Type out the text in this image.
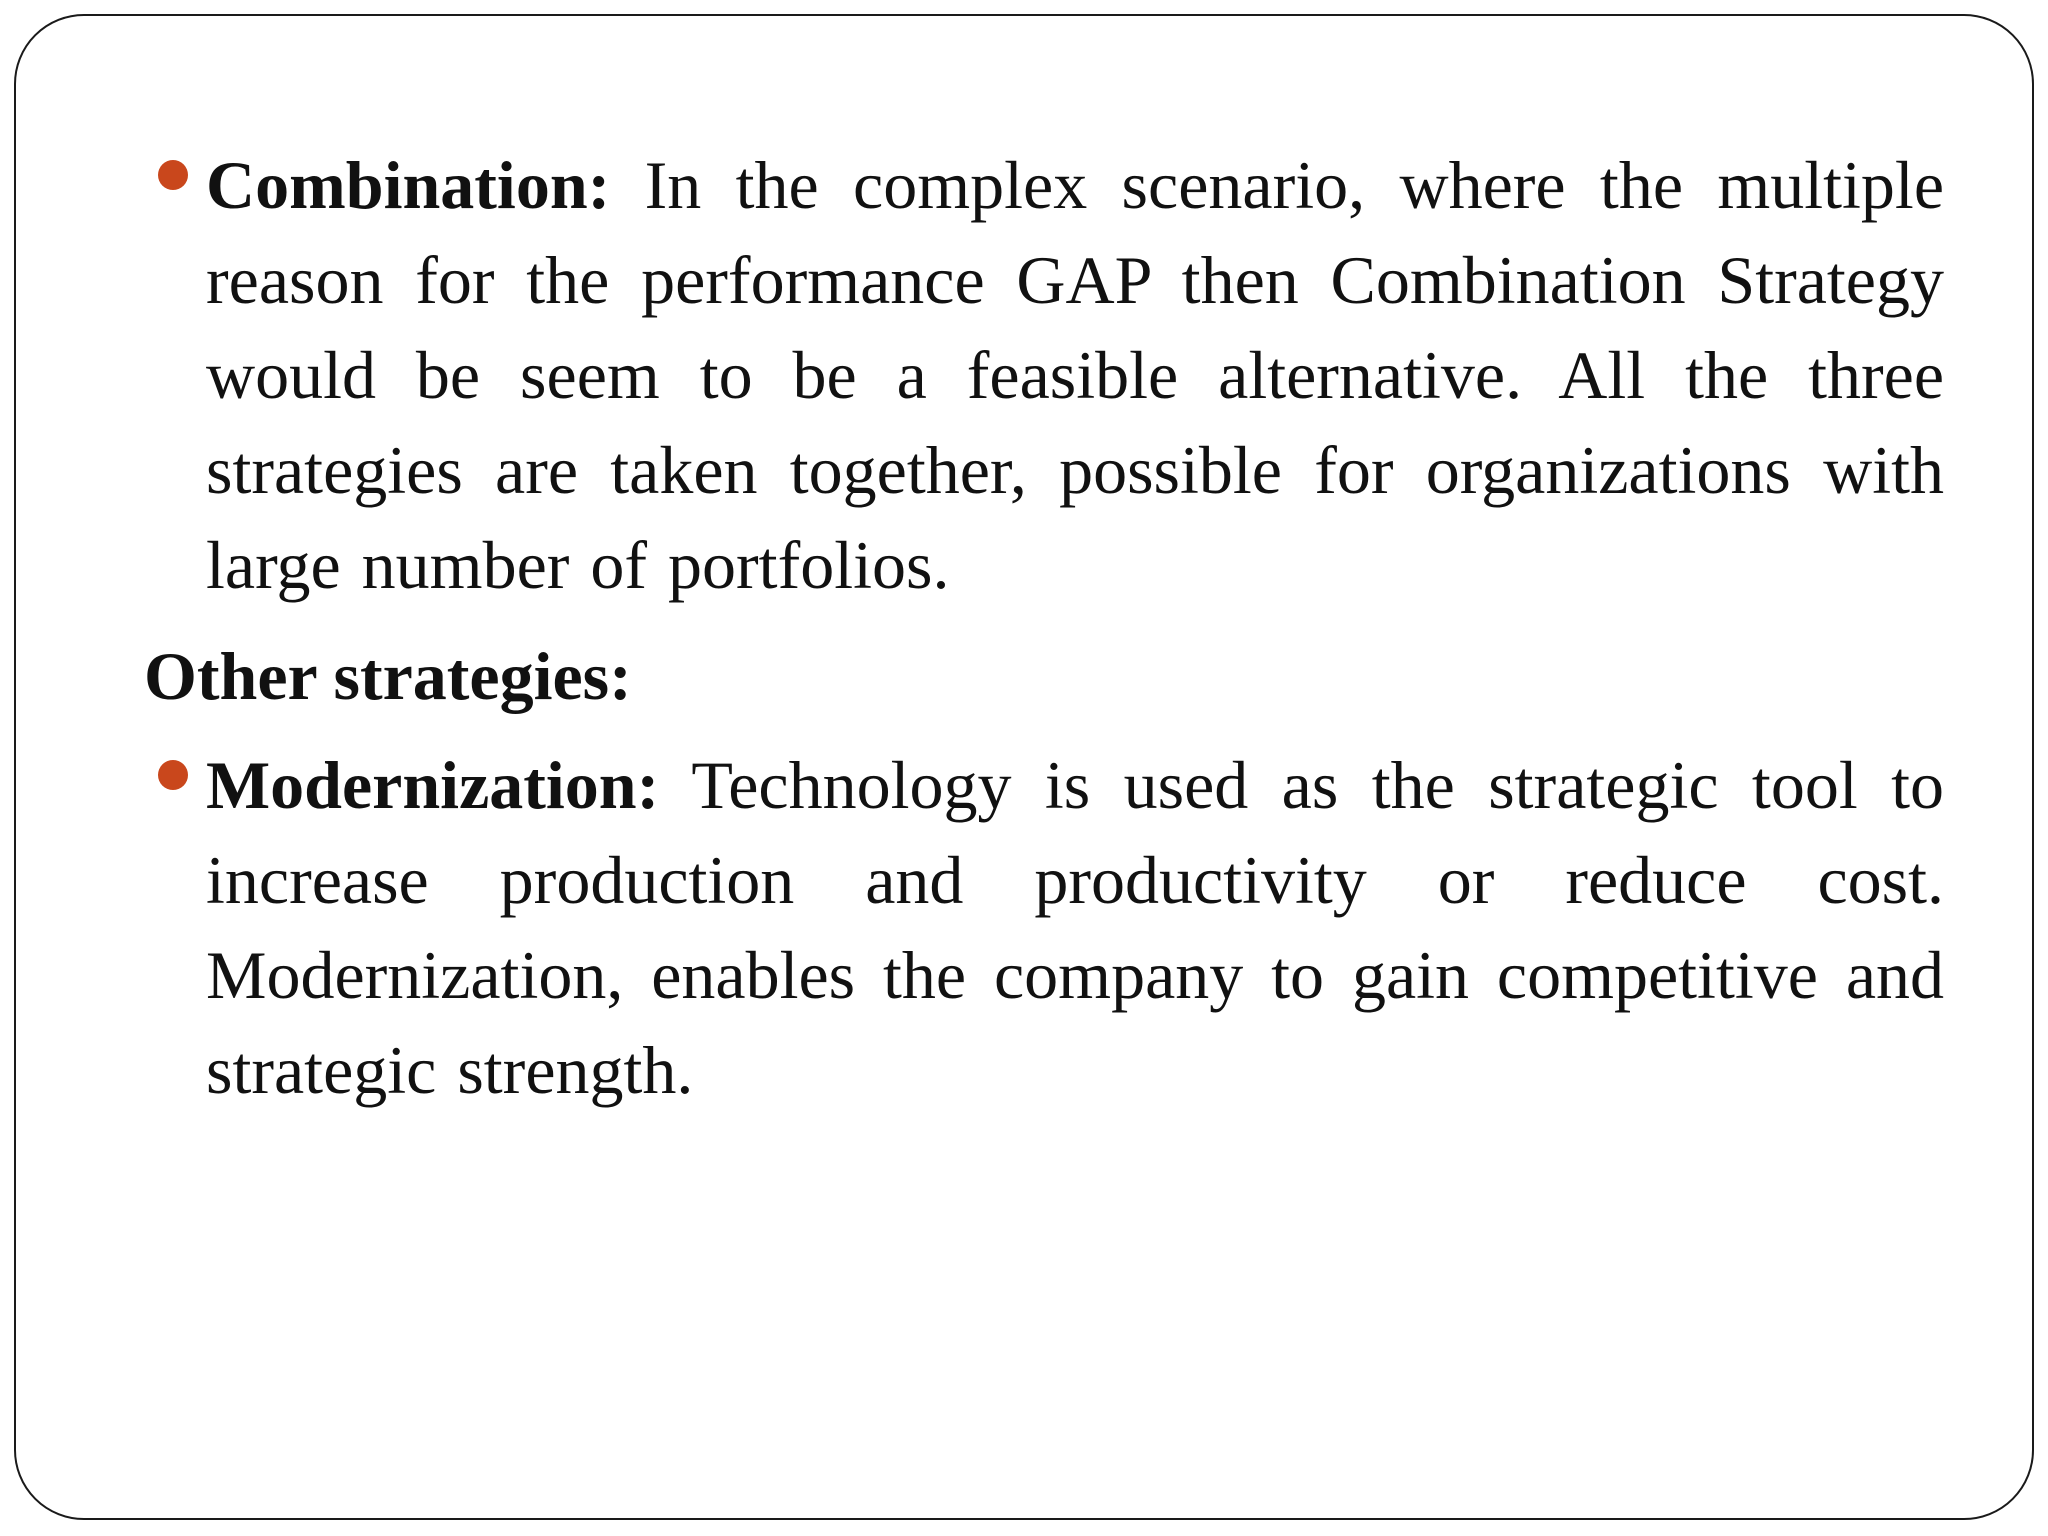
Combination: In the complex scenario, where the multiple reason for the performance GAP then Combination Strategy would be seem to be a feasible alternative. All the three strategies are taken together, possible for organizations with large number of portfolios.
Other strategies:
Modernization: Technology is used as the strategic tool to increase production and productivity or reduce cost. Modernization, enables the company to gain competitive and strategic strength.
